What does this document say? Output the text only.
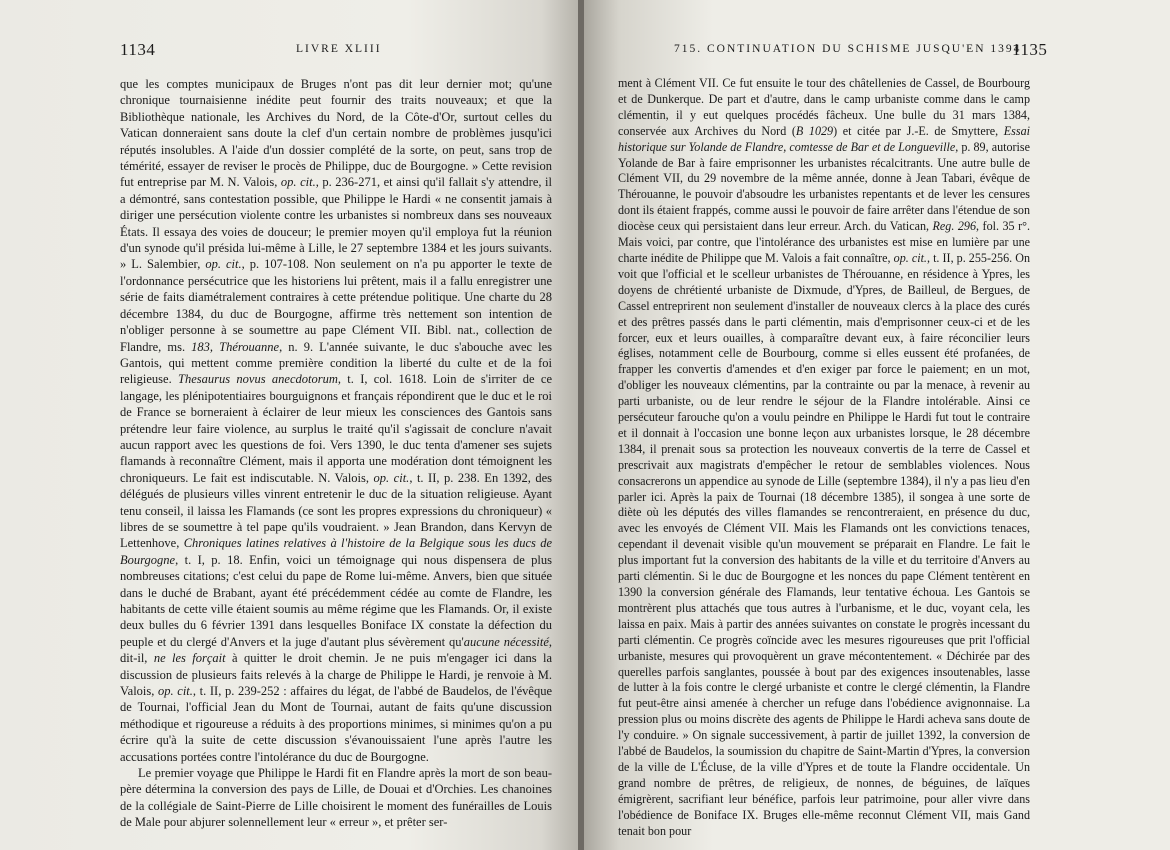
1134	LIVRE XLIII

que les comptes municipaux de Bruges n'ont pas dit leur dernier mot; qu'une chronique tournaisienne inédite peut fournir des traits nouveaux; et que la Bibliothèque nationale, les Archives du Nord, de la Côte-d'Or, surtout celles du Vatican donneraient sans doute la clef d'un certain nombre de problèmes jusqu'ici réputés insolubles. A l'aide d'un dossier complété de la sorte, on peut, sans trop de témérité, essayer de reviser le procès de Philippe, duc de Bourgogne. » Cette revision fut entreprise par M. N. Valois, op. cit., p. 236-271, et ainsi qu'il fallait s'y attendre, il a démontré, sans contestation possible, que Philippe le Hardi « ne consentit jamais à diriger une persécution violente contre les urbanistes si nombreux dans ses nouveaux États. Il essaya des voies de douceur; le premier moyen qu'il employa fut la réunion d'un synode qu'il présida lui-même à Lille, le 27 septembre 1384 et les jours suivants. » L. Salembier, op. cit., p. 107-108. Non seulement on n'a pu apporter le texte de l'ordonnance persécutrice que les historiens lui prêtent, mais il a fallu enregistrer une série de faits diamétralement contraires à cette prétendue politique. Une charte du 28 décembre 1384, du duc de Bourgogne, affirme très nettement son intention de n'obliger personne à se soumettre au pape Clément VII. Bibl. nat., collection de Flandre, ms. 183, Thérouanne, n. 9. L'année suivante, le duc s'abouche avec les Gantois, qui mettent comme première condition la liberté du culte et de la foi religieuse. Thesaurus novus anecdotorum, t. I, col. 1618. Loin de s'irriter de ce langage, les plénipotentiaires bourguignons et français répondirent que le duc et le roi de France se borneraient à éclairer de leur mieux les consciences des Gantois sans prétendre leur faire violence, au surplus le traité qu'il s'agissait de conclure n'avait aucun rapport avec les questions de foi. Vers 1390, le duc tenta d'amener ses sujets flamands à reconnaître Clément, mais il apporta une modération dont témoignent les chroniqueurs. Le fait est indiscutable. N. Valois, op. cit., t. II, p. 238. En 1392, des délégués de plusieurs villes vinrent entretenir le duc de la situation religieuse. Ayant tenu conseil, il laissa les Flamands (ce sont les propres expressions du chroniqueur) « libres de se soumettre à tel pape qu'ils voudraient. » Jean Brandon, dans Kervyn de Lettenhove, Chroniques latines relatives à l'histoire de la Belgique sous les ducs de Bourgogne, t. I, p. 18. Enfin, voici un témoignage qui nous dispensera de plus nombreuses citations; c'est celui du pape de Rome lui-même. Anvers, bien que située dans le duché de Brabant, ayant été précédemment cédée au comte de Flandre, les habitants de cette ville étaient soumis au même régime que les Flamands. Or, il existe deux bulles du 6 février 1391 dans lesquelles Boniface IX constate la défection du peuple et du clergé d'Anvers et la juge d'autant plus sévèrement qu'aucune nécessité, dit-il, ne les forçait à quitter le droit chemin. Je ne puis m'engager ici dans la discussion de plusieurs faits relevés à la charge de Philippe le Hardi, je renvoie à M. Valois, op. cit., t. II, p. 239-252 : affaires du légat, de l'abbé de Baudelos, de l'évêque de Tournai, l'official Jean du Mont de Tournai, autant de faits qu'une discussion méthodique et rigoureuse a réduits à des proportions minimes, si minimes qu'on a pu écrire qu'à la suite de cette discussion s'évanouissaient l'une après l'autre les accusations portées contre l'intolérance du duc de Bourgogne.

Le premier voyage que Philippe le Hardi fit en Flandre après la mort de son beau-père détermina la conversion des pays de Lille, de Douai et d'Orchies. Les chanoines de la collégiale de Saint-Pierre de Lille choisirent le moment des funérailles de Louis de Male pour abjurer solennellement leur « erreur », et prêter ser-

715. CONTINUATION DU SCHISME JUSQU'EN 1394
1135

ment à Clément VII. Ce fut ensuite le tour des châtellenies de Cassel, de Bourbourg et de Dunkerque. De part et d'autre, dans le camp urbaniste comme dans le camp clémentin, il y eut quelques procédés fâcheux. Une bulle du 31 mars 1384, conservée aux Archives du Nord (B 1029) et citée par J.-E. de Smyttere, Essai historique sur Yolande de Flandre, comtesse de Bar et de Longueville, p. 89, autorise Yolande de Bar à faire emprisonner les urbanistes récalcitrants. Une autre bulle de Clément VII, du 29 novembre de la même année, donne à Jean Tabari, évêque de Thérouanne, le pouvoir d'absoudre les urbanistes repentants et de lever les censures dont ils étaient frappés, comme aussi le pouvoir de faire arrêter dans l'étendue de son diocèse ceux qui persistaient dans leur erreur. Arch. du Vatican, Reg. 296, fol. 35 r°. Mais voici, par contre, que l'intolérance des urbanistes est mise en lumière par une charte inédite de Philippe que M. Valois a fait connaître, op. cit., t. II, p. 255-256. On voit que l'official et le scelleur urbanistes de Thérouanne, en résidence à Ypres, les doyens de chrétienté urbaniste de Dixmude, d'Ypres, de Bailleul, de Bergues, de Cassel entreprirent non seulement d'installer de nouveaux clercs à la place des curés et des prêtres passés dans le parti clémentin, mais d'emprisonner ceux-ci et de les forcer, eux et leurs ouailles, à comparaître devant eux, à faire réconcilier leurs églises, notamment celle de Bourbourg, comme si elles eussent été profanées, de frapper les convertis d'amendes et d'en exiger par force le paiement; en un mot, d'obliger les nouveaux clémentins, par la contrainte ou par la menace, à revenir au parti urbaniste, ou de leur rendre le séjour de la Flandre intolérable. Ainsi ce persécuteur farouche qu'on a voulu peindre en Philippe le Hardi fut tout le contraire et il donnait à l'occasion une bonne leçon aux urbanistes lorsque, le 28 décembre 1384, il prenait sous sa protection les nouveaux convertis de la terre de Cassel et prescrivait aux magistrats d'empêcher le retour de semblables violences. Nous consacrerons un appendice au synode de Lille (septembre 1384), il n'y a pas lieu d'en parler ici. Après la paix de Tournai (18 décembre 1385), il songea à une sorte de diète où les députés des villes flamandes se rencontreraient, en présence du duc, avec les envoyés de Clément VII. Mais les Flamands ont les convictions tenaces, cependant il devenait visible qu'un mouvement se préparait en Flandre. Le fait le plus important fut la conversion des habitants de la ville et du territoire d'Anvers au parti clémentin. Si le duc de Bourgogne et les nonces du pape Clément tentèrent en 1390 la conversion générale des Flamands, leur tentative échoua. Les Gantois se montrèrent plus attachés que tous autres à l'urbanisme, et le duc, voyant cela, les laissa en paix. Mais à partir des années suivantes on constate le progrès incessant du parti clémentin. Ce progrès coïncide avec les mesures rigoureuses que prit l'official urbaniste, mesures qui provoquèrent un grave mécontentement. « Déchirée par des querelles parfois sanglantes, poussée à bout par des exigences insoutenables, lasse de lutter à la fois contre le clergé urbaniste et contre le clergé clémentin, la Flandre fut peut-être ainsi amenée à chercher un refuge dans l'obédience avignonnaise. La pression plus ou moins discrète des agents de Philippe le Hardi acheva sans doute de l'y conduire. » On signale successivement, à partir de juillet 1392, la conversion de l'abbé de Baudelos, la soumission du chapitre de Saint-Martin d'Ypres, la conversion de la ville de L'Écluse, de la ville d'Ypres et de toute la Flandre occidentale. Un grand nombre de prêtres, de religieux, de nonnes, de béguines, de laïques émigrèrent, sacrifiant leur bénéfice, parfois leur patrimoine, pour aller vivre dans l'obédience de Boniface IX. Bruges elle-même reconnut Clément VII, mais Gand tenait bon pour
